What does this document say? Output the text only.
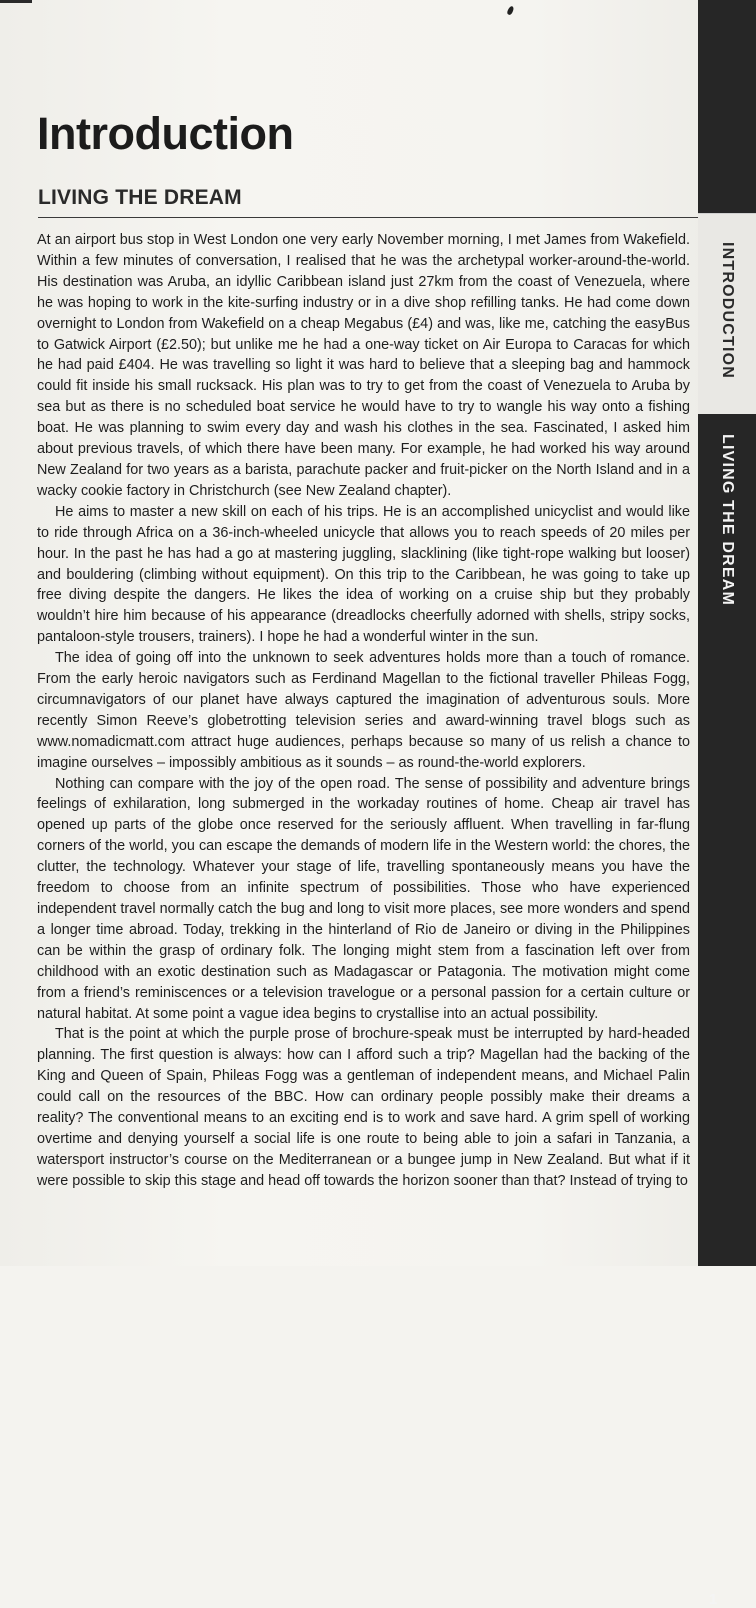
Introduction
LIVING THE DREAM

At an airport bus stop in West London one very early November morning, I met James from Wakefield. Within a few minutes of conversation, I realised that he was the archetypal worker-around-the-world. His destination was Aruba, an idyllic Caribbean island just 27km from the coast of Venezuela, where he was hoping to work in the kite-surfing industry or in a dive shop refilling tanks. He had come down overnight to London from Wakefield on a cheap Megabus (£4) and was, like me, catching the easyBus to Gatwick Airport (£2.50); but unlike me he had a one-way ticket on Air Europa to Caracas for which he had paid £404. He was travelling so light it was hard to believe that a sleeping bag and hammock could fit inside his small rucksack. His plan was to try to get from the coast of Venezuela to Aruba by sea but as there is no scheduled boat service he would have to try to wangle his way onto a fishing boat. He was planning to swim every day and wash his clothes in the sea. Fascinated, I asked him about previous travels, of which there have been many. For example, he had worked his way around New Zealand for two years as a barista, parachute packer and fruit-picker on the North Island and in a wacky cookie factory in Christchurch (see New Zealand chapter).

He aims to master a new skill on each of his trips. He is an accomplished unicyclist and would like to ride through Africa on a 36-inch-wheeled unicycle that allows you to reach speeds of 20 miles per hour. In the past he has had a go at mastering juggling, slacklining (like tight-rope walking but looser) and bouldering (climbing without equipment). On this trip to the Caribbean, he was going to take up free diving despite the dangers. He likes the idea of working on a cruise ship but they probably wouldn’t hire him because of his appearance (dreadlocks cheerfully adorned with shells, stripy socks, pantaloon-style trousers, trainers). I hope he had a wonderful winter in the sun.

The idea of going off into the unknown to seek adventures holds more than a touch of romance. From the early heroic navigators such as Ferdinand Magellan to the fictional traveller Phileas Fogg, circumnavigators of our planet have always captured the imagination of adventurous souls. More recently Simon Reeve’s globetrotting television series and award-winning travel blogs such as www.nomadicmatt.com attract huge audiences, perhaps because so many of us relish a chance to imagine ourselves – impossibly ambitious as it sounds – as round-the-world explorers.

Nothing can compare with the joy of the open road. The sense of possibility and adventure brings feelings of exhilaration, long submerged in the workaday routines of home. Cheap air travel has opened up parts of the globe once reserved for the seriously affluent. When travelling in far-flung corners of the world, you can escape the demands of modern life in the Western world: the chores, the clutter, the technology. Whatever your stage of life, travelling spontaneously means you have the freedom to choose from an infinite spectrum of possibilities. Those who have experienced independent travel normally catch the bug and long to visit more places, see more wonders and spend a longer time abroad. Today, trekking in the hinterland of Rio de Janeiro or diving in the Philippines can be within the grasp of ordinary folk. The longing might stem from a fascination left over from childhood with an exotic destination such as Madagascar or Patagonia. The motivation might come from a friend’s reminiscences or a television travelogue or a personal passion for a certain culture or natural habitat. At some point a vague idea begins to crystallise into an actual possibility.

That is the point at which the purple prose of brochure-speak must be interrupted by hard-headed planning. The first question is always: how can I afford such a trip? Magellan had the backing of the King and Queen of Spain, Phileas Fogg was a gentleman of independent means, and Michael Palin could call on the resources of the BBC. How can ordinary people possibly make their dreams a reality? The conventional means to an exciting end is to work and save hard. A grim spell of working overtime and denying yourself a social life is one route to being able to join a safari in Tanzania, a watersport instructor’s course on the Mediterranean or a bungee jump in New Zealand. But what if it were possible to skip this stage and head off towards the horizon sooner than that? Instead of trying to

INTRODUCTION
LIVING THE DREAM
1
